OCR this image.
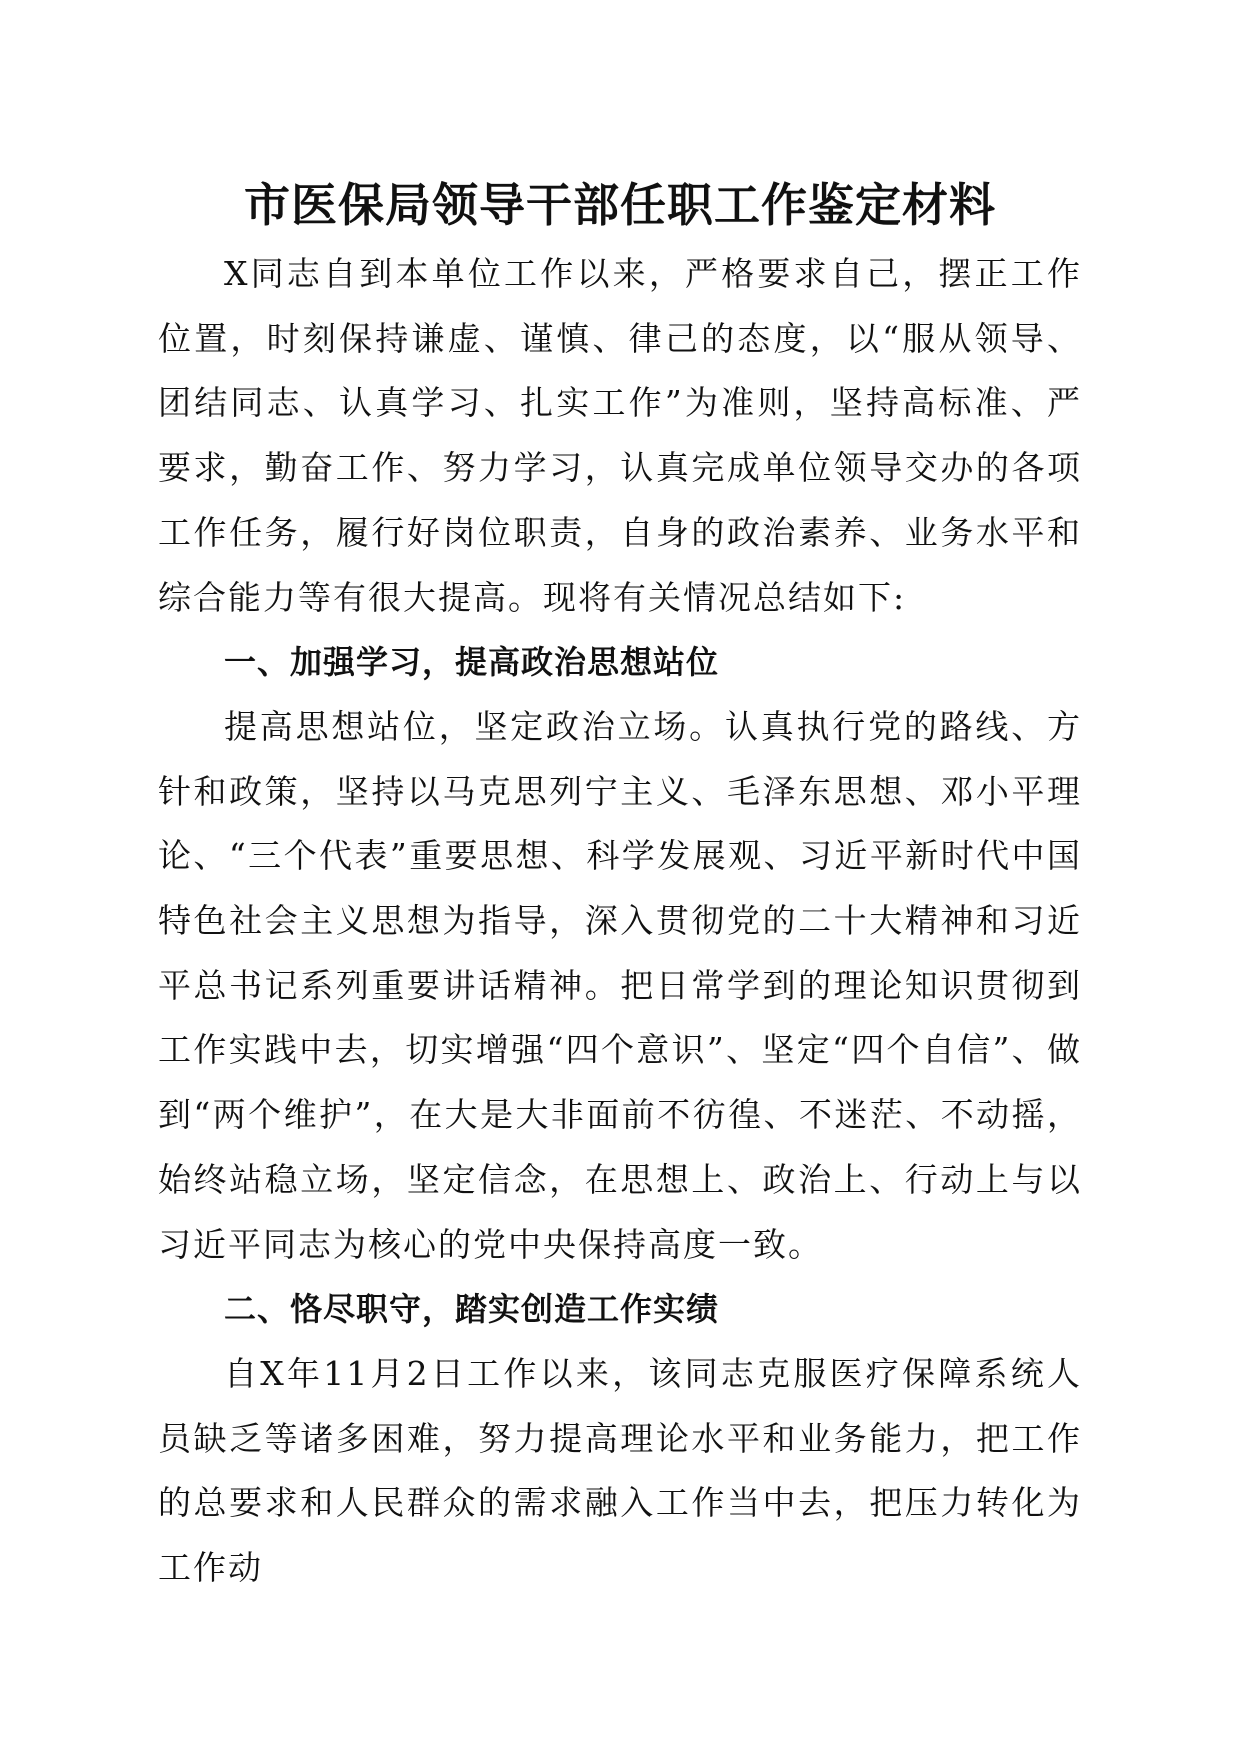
市医保局领导干部任职工作鉴定材料

X同志自到本单位工作以来，严格要求自己，摆正工作位置，时刻保持谦虚、谨慎、律己的态度，以“服从领导、团结同志、认真学习、扎实工作”为准则，坚持高标准、严要求，勤奋工作、努力学习，认真完成单位领导交办的各项工作任务，履行好岗位职责，自身的政治素养、业务水平和综合能力等有很大提高。现将有关情况总结如下:

一、加强学习，提高政治思想站位

提高思想站位，坚定政治立场。认真执行党的路线、方针和政策，坚持以马克思列宁主义、毛泽东思想、邓小平理论、“三个代表”重要思想、科学发展观、习近平新时代中国特色社会主义思想为指导，深入贯彻党的二十大精神和习近平总书记系列重要讲话精神。把日常学到的理论知识贯彻到工作实践中去，切实增强“四个意识”、坚定“四个自信”、做到“两个维护”，在大是大非面前不彷徨、不迷茫、不动摇，始终站稳立场，坚定信念，在思想上、政治上、行动上与以习近平同志为核心的党中央保持高度一致。

二、恪尽职守，踏实创造工作实绩

自X年11月2日工作以来，该同志克服医疗保障系统人员缺乏等诸多困难，努力提高理论水平和业务能力，把工作的总要求和人民群众的需求融入工作当中去，把压力转化为工作动
